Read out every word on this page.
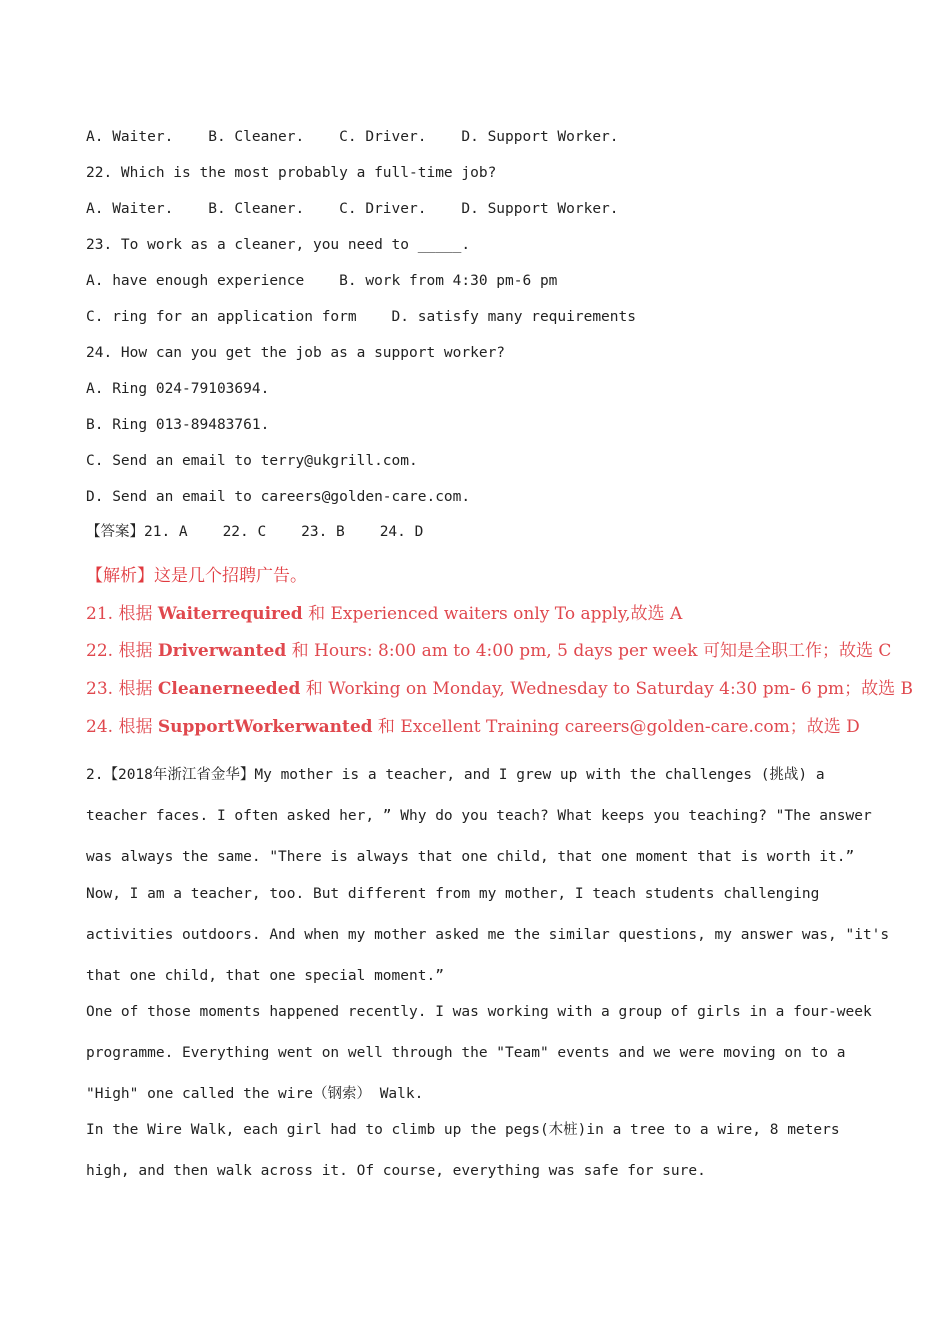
A. Waiter.    B. Cleaner.    C. Driver.    D. Support Worker.
22. Which is the most probably a full-time job?
A. Waiter.    B. Cleaner.    C. Driver.    D. Support Worker.
23. To work as a cleaner, you need to _____.
A. have enough experience    B. work from 4:30 pm-6 pm
C. ring for an application form    D. satisfy many requirements
24. How can you get the job as a support worker?
A. Ring 024-79103694.
B. Ring 013-89483761.
C. Send an email to terry@ukgrill.com.
D. Send an email to careers@golden-care.com.
【答案】21. A    22. C    23. B    24. D
【解析】这是几个招聘广告。
21. 根据 Waiterrequired 和 Experienced waiters only To apply,故选 A
22. 根据 Driverwanted 和 Hours: 8:00 am to 4:00 pm, 5 days per week 可知是全职工作；故选 C
23. 根据 Cleanerneeded 和 Working on Monday, Wednesday to Saturday 4:30 pm- 6 pm；故选 B
24. 根据 SupportWorkerwanted 和 Excellent Training careers@golden-care.com；故选 D
2.【2018年浙江省金华】My mother is a teacher, and I grew up with the challenges (挑战) a
teacher faces. I often asked her, ” Why do you teach? What keeps you teaching? "The answer
was always the same. "There is always that one child, that one moment that is worth it.”
Now, I am a teacher, too. But different from my mother, I teach students challenging
activities outdoors. And when my mother asked me the similar questions, my answer was, "it's
that one child, that one special moment.”
One of those moments happened recently. I was working with a group of girls in a four-week
programme. Everything went on well through the "Team" events and we were moving on to a
"High" one called the wire（钢索） Walk.
In the Wire Walk, each girl had to climb up the pegs(木桩)in a tree to a wire, 8 meters
high, and then walk across it. Of course, everything was safe for sure.
